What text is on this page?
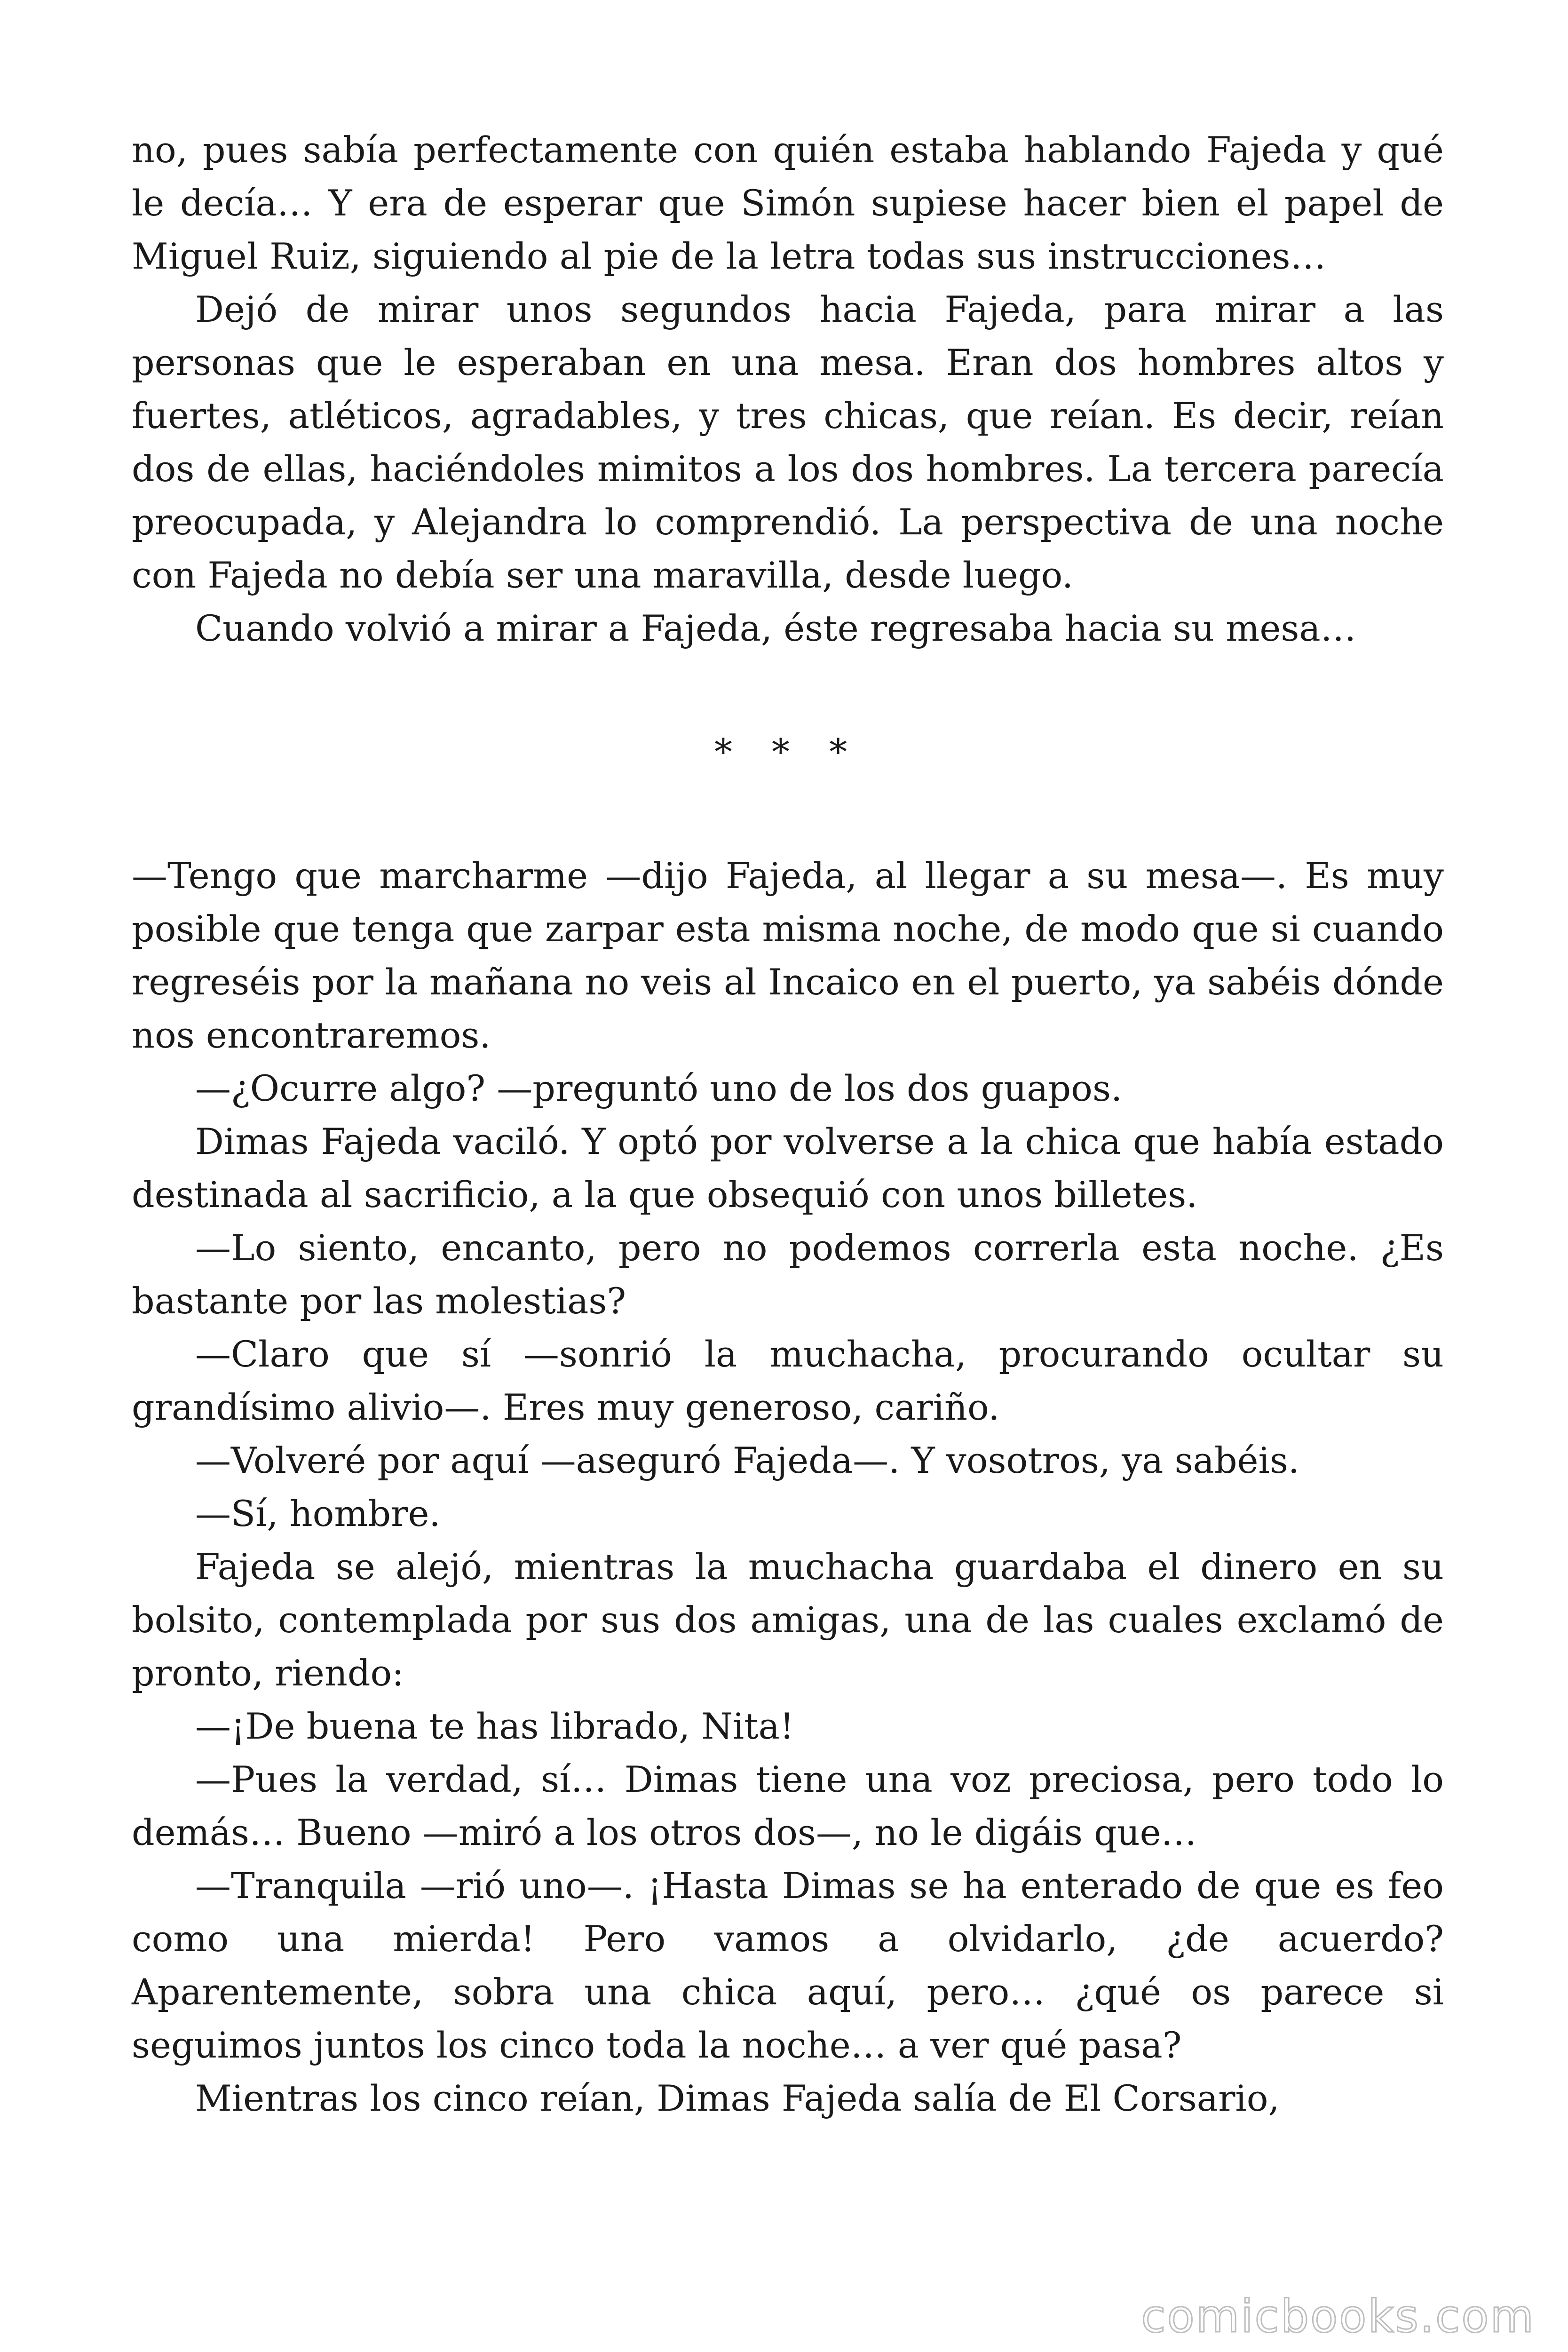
no, pues sabía perfectamente con quién estaba hablando Fajeda y qué le decía… Y era de esperar que Simón supiese hacer bien el papel de Miguel Ruiz, siguiendo al pie de la letra todas sus instrucciones…

Dejó de mirar unos segundos hacia Fajeda, para mirar a las personas que le esperaban en una mesa. Eran dos hombres altos y fuertes, atléticos, agradables, y tres chicas, que reían. Es decir, reían dos de ellas, haciéndoles mimitos a los dos hombres. La tercera parecía preocupada, y Alejandra lo comprendió. La perspectiva de una noche con Fajeda no debía ser una maravilla, desde luego.

Cuando volvió a mirar a Fajeda, éste regresaba hacia su mesa…

* * *

—Tengo que marcharme —dijo Fajeda, al llegar a su mesa—. Es muy posible que tenga que zarpar esta misma noche, de modo que si cuando regreséis por la mañana no veis al Incaico en el puerto, ya sabéis dónde nos encontraremos.

—¿Ocurre algo? —preguntó uno de los dos guapos.

Dimas Fajeda vaciló. Y optó por volverse a la chica que había estado destinada al sacrificio, a la que obsequió con unos billetes.

—Lo siento, encanto, pero no podemos correrla esta noche. ¿Es bastante por las molestias?

—Claro que sí —sonrió la muchacha, procurando ocultar su grandísimo alivio—. Eres muy generoso, cariño.

—Volveré por aquí —aseguró Fajeda—. Y vosotros, ya sabéis.

—Sí, hombre.

Fajeda se alejó, mientras la muchacha guardaba el dinero en su bolsito, contemplada por sus dos amigas, una de las cuales exclamó de pronto, riendo:

—¡De buena te has librado, Nita!

—Pues la verdad, sí… Dimas tiene una voz preciosa, pero todo lo demás… Bueno —miró a los otros dos—, no le digáis que…

—Tranquila —rió uno—. ¡Hasta Dimas se ha enterado de que es feo como una mierda! Pero vamos a olvidarlo, ¿de acuerdo? Aparentemente, sobra una chica aquí, pero… ¿qué os parece si seguimos juntos los cinco toda la noche… a ver qué pasa?

Mientras los cinco reían, Dimas Fajeda salía de El Corsario,

comicbooks.com
